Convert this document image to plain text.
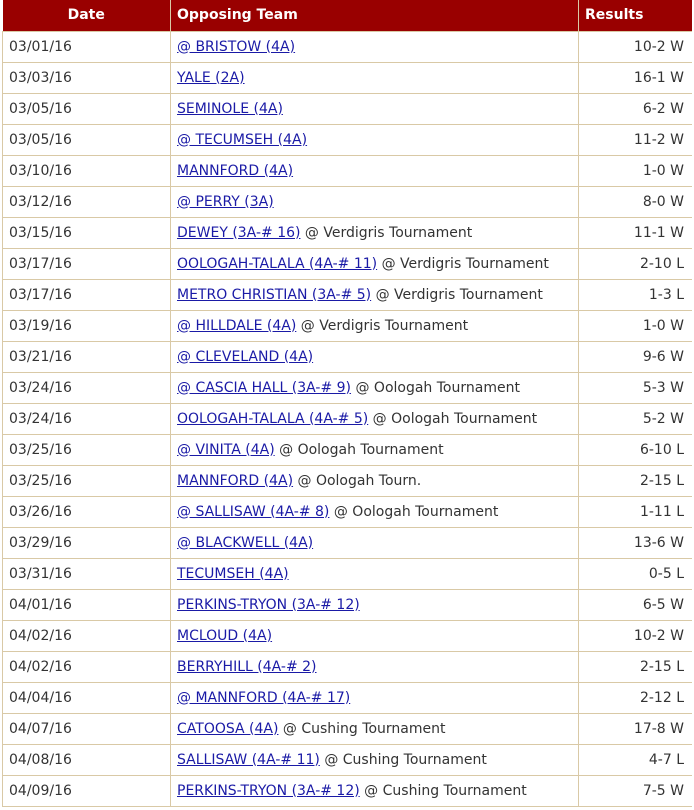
Date	Opposing Team	Results
03/01/16	@ BRISTOW (4A)	10-2 W
03/03/16	YALE (2A)	16-1 W
03/05/16	SEMINOLE (4A)	6-2 W
03/05/16	@ TECUMSEH (4A)	11-2 W
03/10/16	MANNFORD (4A)	1-0 W
03/12/16	@ PERRY (3A)	8-0 W
03/15/16	DEWEY (3A-# 16) @ Verdigris Tournament	11-1 W
03/17/16	OOLOGAH-TALALA (4A-# 11) @ Verdigris Tournament	2-10 L
03/17/16	METRO CHRISTIAN (3A-# 5) @ Verdigris Tournament	1-3 L
03/19/16	@ HILLDALE (4A) @ Verdigris Tournament	1-0 W
03/21/16	@ CLEVELAND (4A)	9-6 W
03/24/16	@ CASCIA HALL (3A-# 9) @ Oologah Tournament	5-3 W
03/24/16	OOLOGAH-TALALA (4A-# 5) @ Oologah Tournament	5-2 W
03/25/16	@ VINITA (4A) @ Oologah Tournament	6-10 L
03/25/16	MANNFORD (4A) @ Oologah Tourn.	2-15 L
03/26/16	@ SALLISAW (4A-# 8) @ Oologah Tournament	1-11 L
03/29/16	@ BLACKWELL (4A)	13-6 W
03/31/16	TECUMSEH (4A)	0-5 L
04/01/16	PERKINS-TRYON (3A-# 12)	6-5 W
04/02/16	MCLOUD (4A)	10-2 W
04/02/16	BERRYHILL (4A-# 2)	2-15 L
04/04/16	@ MANNFORD (4A-# 17)	2-12 L
04/07/16	CATOOSA (4A) @ Cushing Tournament	17-8 W
04/08/16	SALLISAW (4A-# 11) @ Cushing Tournament	4-7 L
04/09/16	PERKINS-TRYON (3A-# 12) @ Cushing Tournament	7-5 W
